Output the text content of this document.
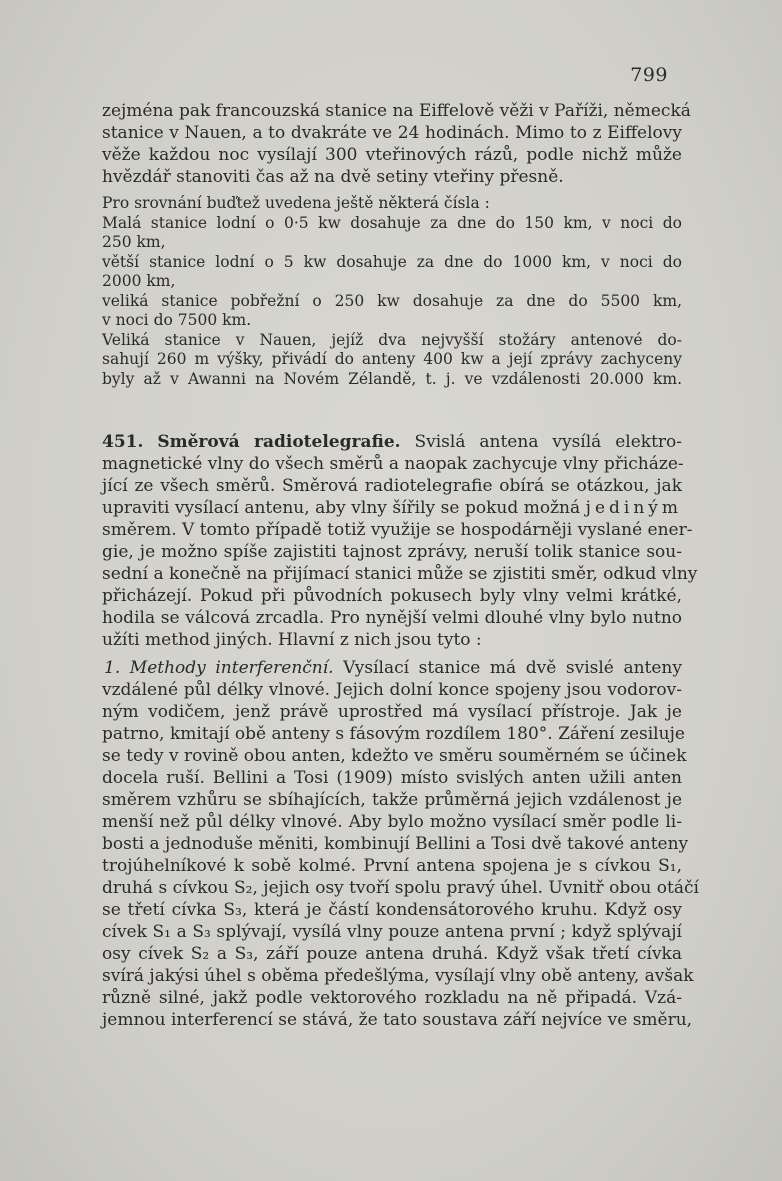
799
zejména pak francouzská stanice na Eiffelově věži v Paříži, německá
stanice v Nauen, a to dvakráte ve 24 hodinách. Mimo to z Eiffelovy
věže každou noc vysílají 300 vteřinových rázů, podle nichž může
hvězdář stanoviti čas až na dvě setiny vteřiny přesně.
Pro srovnání buďtež uvedena ještě některá čísla :
Malá stanice lodní o 0·5 kw dosahuje za dne do 150 km, v noci do
250 km,
větší stanice lodní o 5 kw dosahuje za dne do 1000 km, v noci do
2000 km,
veliká stanice pobřežní o 250 kw dosahuje za dne do 5500 km,
v noci do 7500 km.
Veliká stanice v Nauen, jejíž dva nejvyšší stožáry antenové do-
sahují 260 m výšky, přivádí do anteny 400 kw a její zprávy zachyceny
byly až v Awanni na Novém Zélandě, t. j. ve vzdálenosti 20.000 km.
451. Směrová radiotelegrafie. Svislá antena vysílá elektro-
magnetické vlny do všech směrů a naopak zachycuje vlny přicháze-
jící ze všech směrů. Směrová radiotelegrafie obírá se otázkou, jak
upraviti vysílací antenu, aby vlny šířily se pokud možná jediným
směrem. V tomto případě totiž využije se hospodárněji vyslané ener-
gie, je možno spíše zajistiti tajnost zprávy, neruší tolik stanice sou-
sední a konečně na přijímací stanici může se zjistiti směr, odkud vlny
přicházejí. Pokud při původních pokusech byly vlny velmi krátké,
hodila se válcová zrcadla. Pro nynější velmi dlouhé vlny bylo nutno
užíti method jiných. Hlavní z nich jsou tyto :
1. Methody interferenční. Vysílací stanice má dvě svislé anteny
vzdálené půl délky vlnové. Jejich dolní konce spojeny jsou vodorov-
ným vodičem, jenž právě uprostřed má vysílací přístroje. Jak je
patrno, kmitají obě anteny s fásovým rozdílem 180°. Záření zesiluje
se tedy v rovině obou anten, kdežto ve směru souměrném se účinek
docela ruší. Bellini a Tosi (1909) místo svislých anten užili anten
směrem vzhůru se sbíhajících, takže průměrná jejich vzdálenost je
menší než půl délky vlnové. Aby bylo možno vysílací směr podle li-
bosti a jednoduše měniti, kombinují Bellini a Tosi dvě takové anteny
trojúhelníkové k sobě kolmé. První antena spojena je s cívkou S₁,
druhá s cívkou S₂, jejich osy tvoří spolu pravý úhel. Uvnitř obou otáčí
se třetí cívka S₃, která je částí kondensátorového kruhu. Když osy
cívek S₁ a S₃ splývají, vysílá vlny pouze antena první ; když splývají
osy cívek S₂ a S₃, září pouze antena druhá. Když však třetí cívka
svírá jakýsi úhel s oběma předešlýma, vysílají vlny obě anteny, avšak
různě silné, jakž podle vektorového rozkladu na ně připadá. Vzá-
jemnou interferencí se stává, že tato soustava září nejvíce ve směru,
